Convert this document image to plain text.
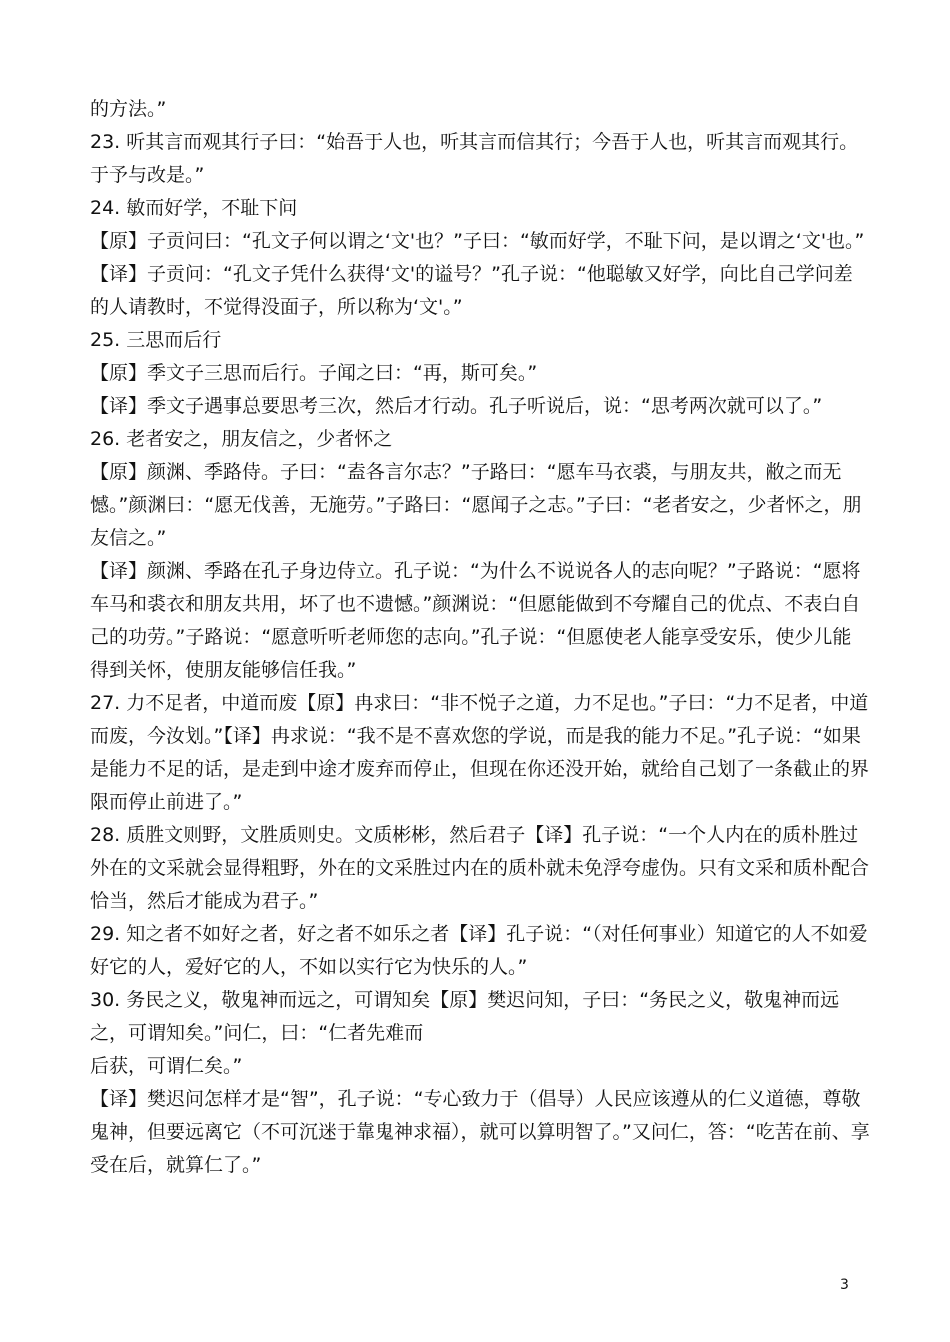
的方法。”

23. 听其言而观其行子曰：“始吾于人也，听其言而信其行；今吾于人也，听其言而观其行。于予与改是。”

24. 敏而好学，不耻下问

【原】子贡问曰：“孔文子何以谓之‘文'也？”子曰：“敏而好学，不耻下问，是以谓之‘文'也。”

【译】子贡问：“孔文子凭什么获得‘文'的谥号？”孔子说：“他聪敏又好学，向比自己学问差的人请教时，不觉得没面子，所以称为‘文'。”

25. 三思而后行

【原】季文子三思而后行。子闻之曰：“再，斯可矣。”

【译】季文子遇事总要思考三次，然后才行动。孔子听说后，说：“思考两次就可以了。”

26. 老者安之，朋友信之，少者怀之

【原】颜渊、季路侍。子曰：“盍各言尔志？”子路曰：“愿车马衣裘，与朋友共，敝之而无憾。”颜渊曰：“愿无伐善，无施劳。”子路曰：“愿闻子之志。”子曰：“老者安之，少者怀之，朋友信之。”

【译】颜渊、季路在孔子身边侍立。孔子说：“为什么不说说各人的志向呢？”子路说：“愿将车马和裘衣和朋友共用，坏了也不遗憾。”颜渊说：“但愿能做到不夸耀自己的优点、不表白自己的功劳。”子路说：“愿意听听老师您的志向。”孔子说：“但愿使老人能享受安乐，使少儿能得到关怀，使朋友能够信任我。”

27. 力不足者，中道而废【原】冉求曰：“非不悦子之道，力不足也。”子曰：“力不足者，中道而废，今汝划。”【译】冉求说：“我不是不喜欢您的学说，而是我的能力不足。”孔子说：“如果是能力不足的话，是走到中途才废弃而停止，但现在你还没开始，就给自己划了一条截止的界限而停止前进了。”

28. 质胜文则野，文胜质则史。文质彬彬，然后君子【译】孔子说：“一个人内在的质朴胜过外在的文采就会显得粗野，外在的文采胜过内在的质朴就未免浮夸虚伪。只有文采和质朴配合恰当，然后才能成为君子。”

29. 知之者不如好之者，好之者不如乐之者【译】孔子说：“（对任何事业）知道它的人不如爱好它的人，爱好它的人，不如以实行它为快乐的人。”

30. 务民之义，敬鬼神而远之，可谓知矣【原】樊迟问知，子曰：“务民之义，敬鬼神而远之，可谓知矣。”问仁，曰：“仁者先难而

后获，可谓仁矣。”

【译】樊迟问怎样才是“智”，孔子说：“专心致力于（倡导）人民应该遵从的仁义道德，尊敬鬼神，但要远离它（不可沉迷于靠鬼神求福），就可以算明智了。”又问仁，答：“吃苦在前、享受在后，就算仁了。”

3
